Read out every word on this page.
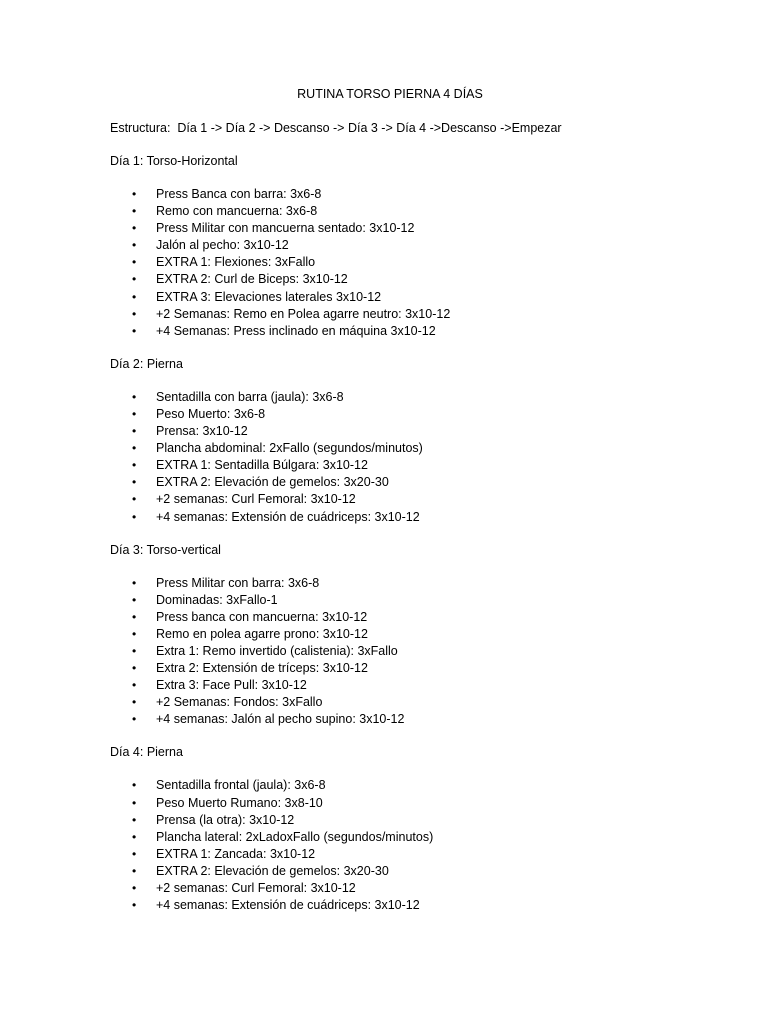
RUTINA TORSO PIERNA 4 DÍAS

Estructura:  Día 1 -> Día 2 -> Descanso -> Día 3 -> Día 4 ->Descanso ->Empezar

Día 1: Torso-Horizontal

• Press Banca con barra: 3x6-8
• Remo con mancuerna: 3x6-8
• Press Militar con mancuerna sentado: 3x10-12
• Jalón al pecho: 3x10-12
• EXTRA 1: Flexiones: 3xFallo
• EXTRA 2: Curl de Biceps: 3x10-12
• EXTRA 3: Elevaciones laterales 3x10-12
• +2 Semanas: Remo en Polea agarre neutro: 3x10-12
• +4 Semanas: Press inclinado en máquina 3x10-12

Día 2: Pierna

• Sentadilla con barra (jaula): 3x6-8
• Peso Muerto: 3x6-8
• Prensa: 3x10-12
• Plancha abdominal: 2xFallo (segundos/minutos)
• EXTRA 1: Sentadilla Búlgara: 3x10-12
• EXTRA 2: Elevación de gemelos: 3x20-30
• +2 semanas: Curl Femoral: 3x10-12
• +4 semanas: Extensión de cuádriceps: 3x10-12

Día 3: Torso-vertical

• Press Militar con barra: 3x6-8
• Dominadas: 3xFallo-1
• Press banca con mancuerna: 3x10-12
• Remo en polea agarre prono: 3x10-12
• Extra 1: Remo invertido (calistenia): 3xFallo
• Extra 2: Extensión de tríceps: 3x10-12
• Extra 3: Face Pull: 3x10-12
• +2 Semanas: Fondos: 3xFallo
• +4 semanas: Jalón al pecho supino: 3x10-12

Día 4: Pierna

• Sentadilla frontal (jaula): 3x6-8
• Peso Muerto Rumano: 3x8-10
• Prensa (la otra): 3x10-12
• Plancha lateral: 2xLadoxFallo (segundos/minutos)
• EXTRA 1: Zancada: 3x10-12
• EXTRA 2: Elevación de gemelos: 3x20-30
• +2 semanas: Curl Femoral: 3x10-12
• +4 semanas: Extensión de cuádriceps: 3x10-12
